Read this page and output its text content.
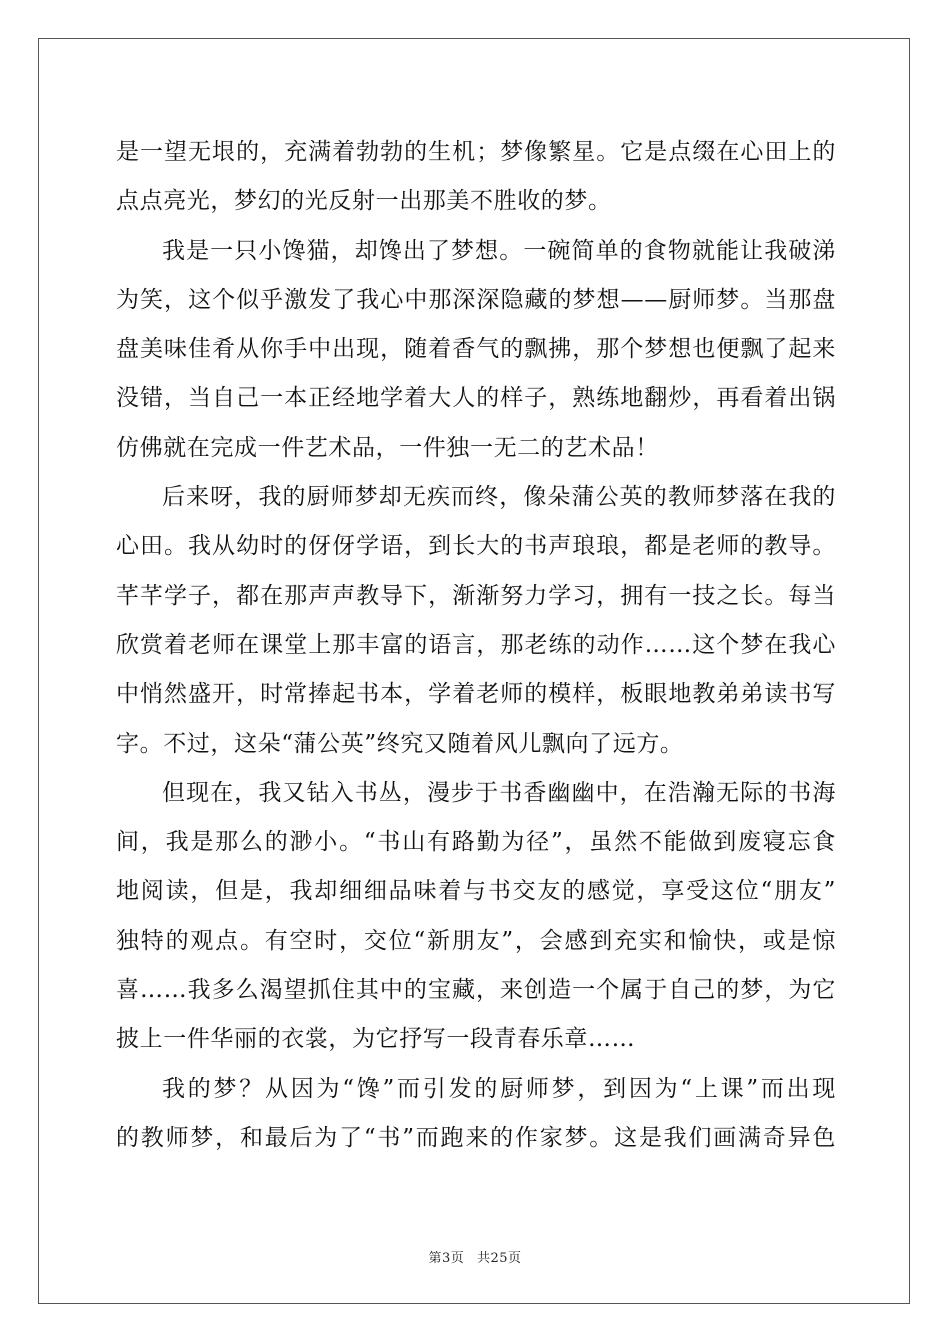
是一望无垠的，充满着勃勃的生机；梦像繁星。它是点缀在心田上的
点点亮光，梦幻的光反射一出那美不胜收的梦。
我是一只小馋猫，却馋出了梦想。一碗简单的食物就能让我破涕
为笑，这个似乎激发了我心中那深深隐藏的梦想——厨师梦。当那盘
盘美味佳肴从你手中出现，随着香气的飘拂，那个梦想也便飘了起来
没错，当自己一本正经地学着大人的样子，熟练地翻炒，再看着出锅
仿佛就在完成一件艺术品，一件独一无二的艺术品！
后来呀，我的厨师梦却无疾而终，像朵蒲公英的教师梦落在我的
心田。我从幼时的伢伢学语，到长大的书声琅琅，都是老师的教导。
芊芊学子，都在那声声教导下，渐渐努力学习，拥有一技之长。每当
欣赏着老师在课堂上那丰富的语言，那老练的动作……这个梦在我心
中悄然盛开，时常捧起书本，学着老师的模样，板眼地教弟弟读书写
字。不过，这朵“蒲公英”终究又随着风儿飘向了远方。
但现在，我又钻入书丛，漫步于书香幽幽中，在浩瀚无际的书海
间，我是那么的渺小。“书山有路勤为径”，虽然不能做到废寝忘食
地阅读，但是，我却细细品味着与书交友的感觉，享受这位“朋友”
独特的观点。有空时，交位“新朋友”，会感到充实和愉快，或是惊
喜……我多么渴望抓住其中的宝藏，来创造一个属于自己的梦，为它
披上一件华丽的衣裳，为它抒写一段青春乐章……
我的梦？从因为“馋”而引发的厨师梦，到因为“上课”而出现
的教师梦，和最后为了“书”而跑来的作家梦。这是我们画满奇异色
第3页 共25页
